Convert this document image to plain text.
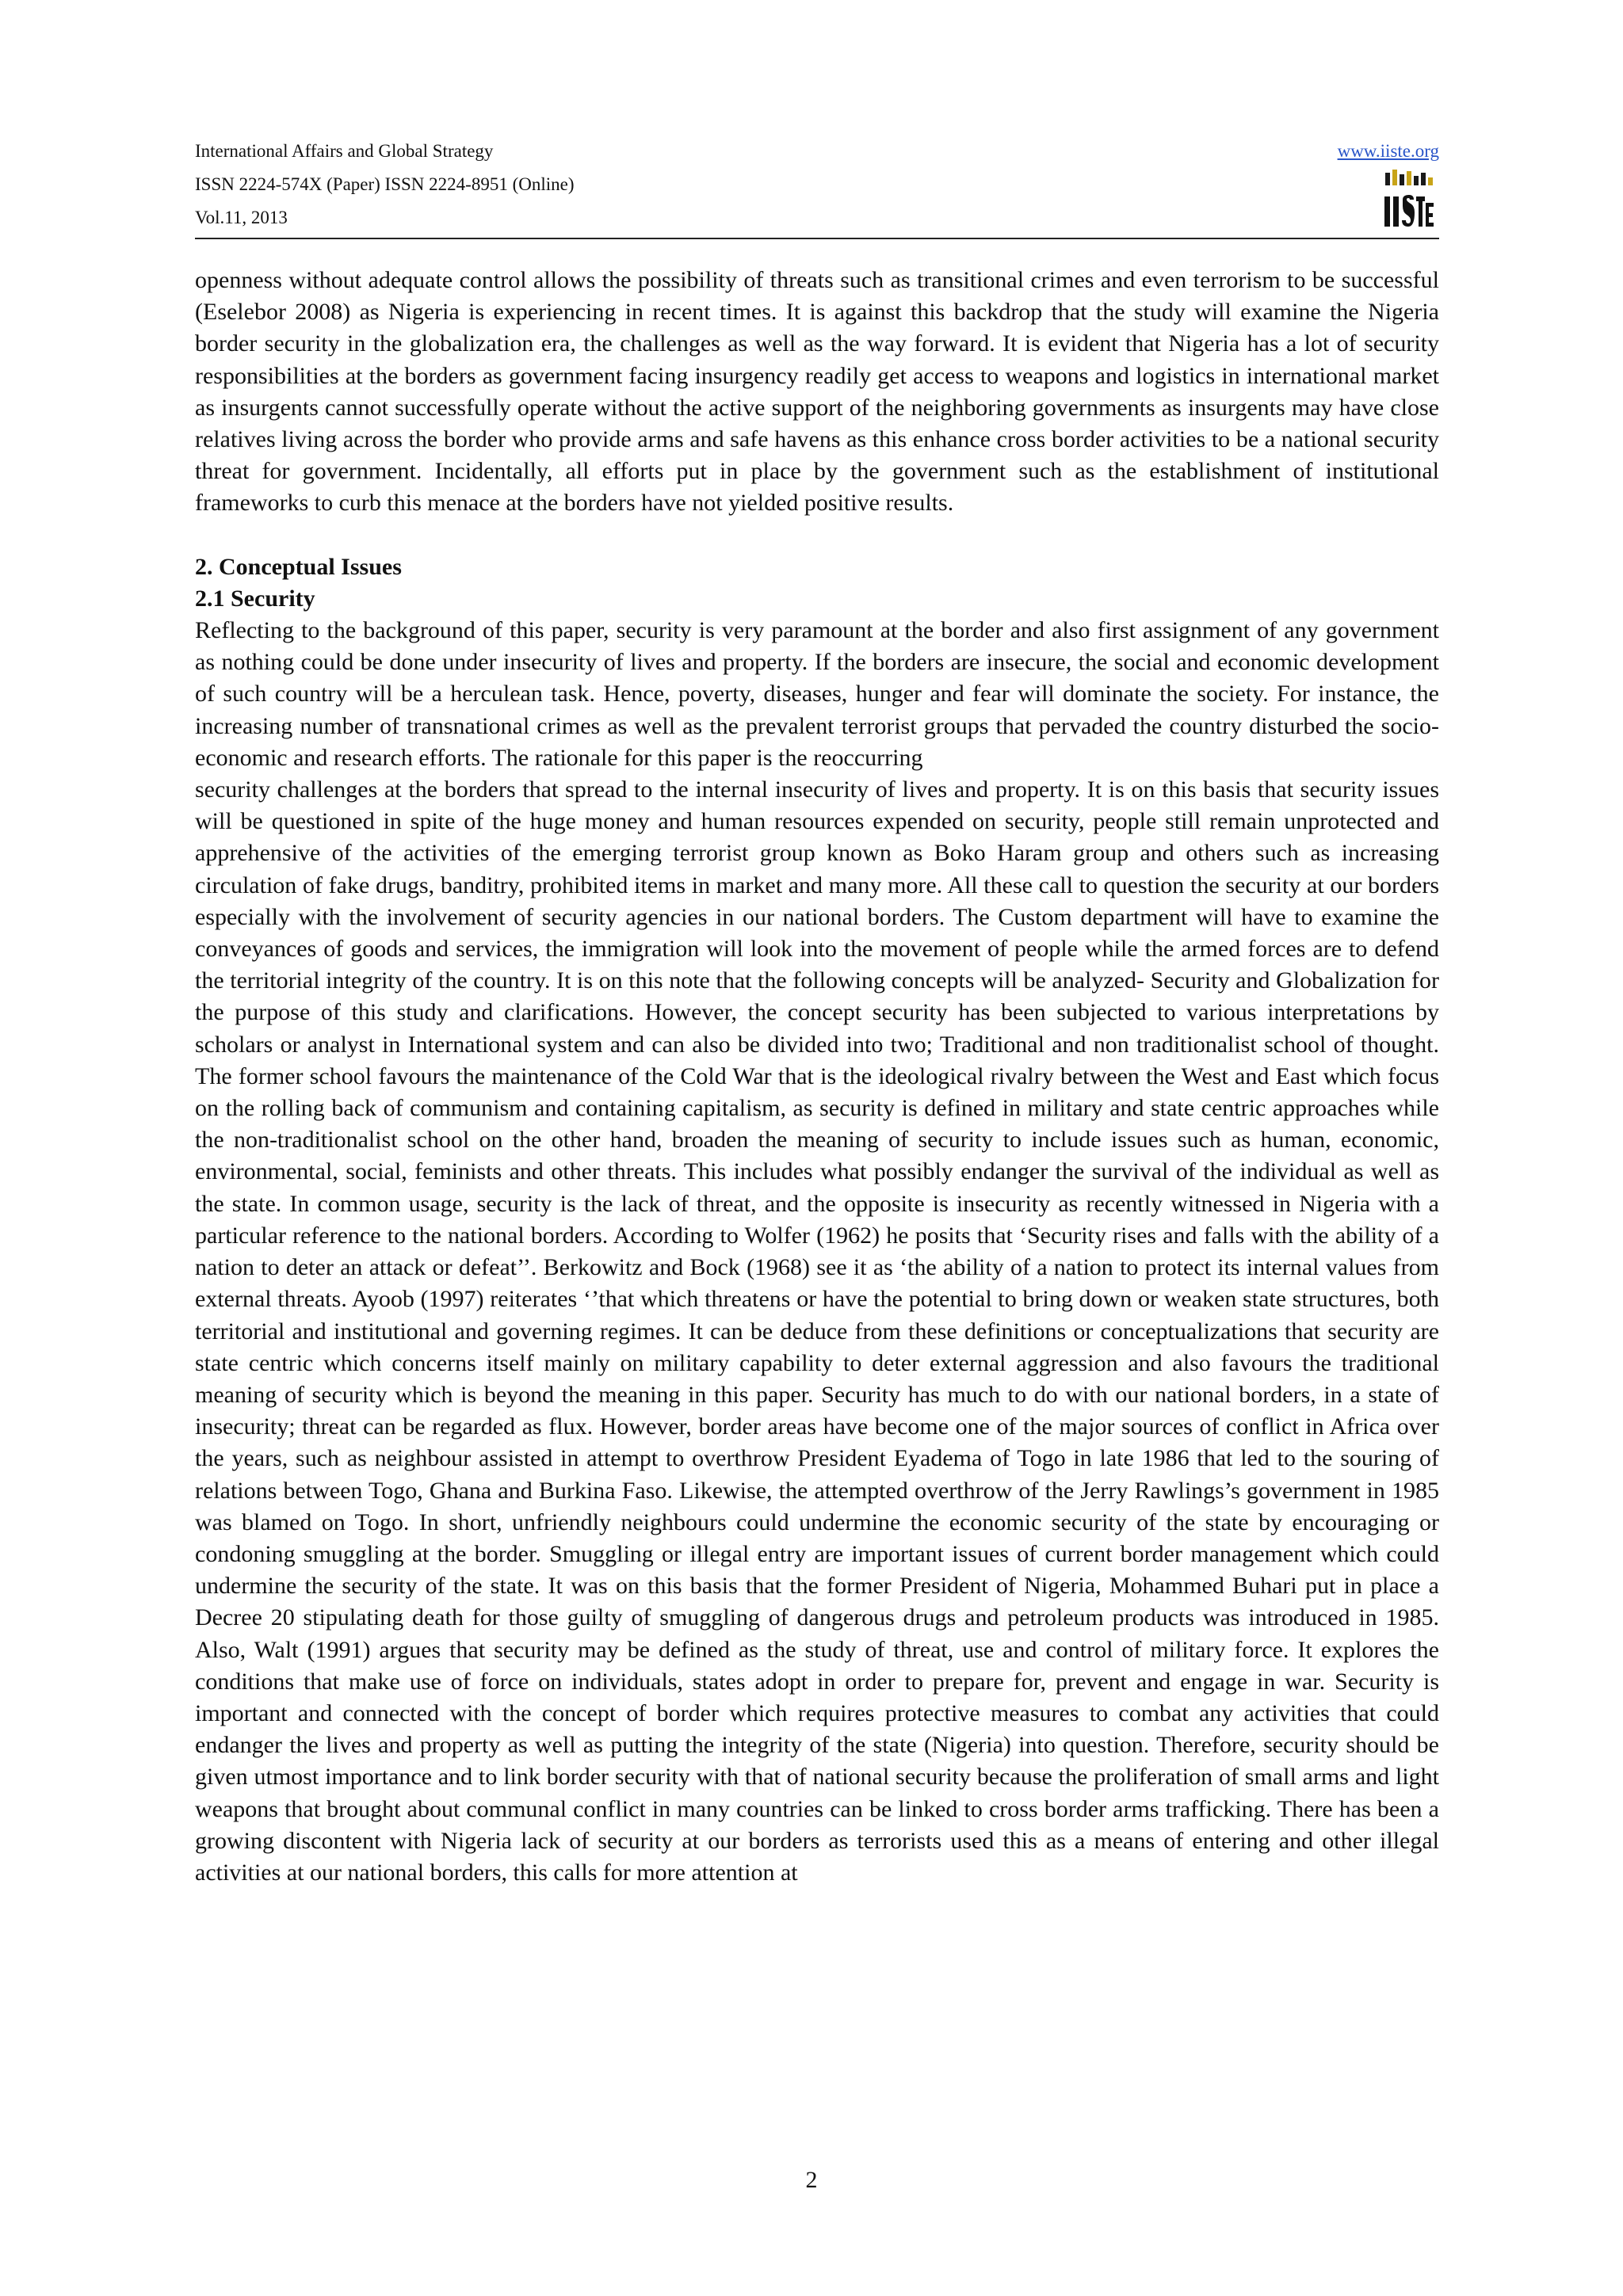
International Affairs and Global Strategy
ISSN 2224-574X (Paper) ISSN 2224-8951 (Online)
Vol.11, 2013
www.iiste.org

openness without adequate control allows the possibility of threats such as transitional crimes and even terrorism to be successful (Eselebor 2008) as Nigeria is experiencing in recent times. It is against this backdrop that the study will examine the Nigeria border security in the globalization era, the challenges as well as the way forward. It is evident that Nigeria has a lot of security responsibilities at the borders as government facing insurgency readily get access to weapons and logistics in international market as insurgents cannot successfully operate without the active support of the neighboring governments as insurgents may have close relatives living across the border who provide arms and safe havens as this enhance cross border activities to be a national security threat for government. Incidentally, all efforts put in place by the government such as the establishment of institutional frameworks to curb this menace at the borders have not yielded positive results.

2. Conceptual Issues

2.1 Security

Reflecting to the background of this paper, security is very paramount at the border and also first assignment of any government as nothing could be done under insecurity of lives and property. If the borders are insecure, the social and economic development of such country will be a herculean task. Hence, poverty, diseases, hunger and fear will dominate the society. For instance, the increasing number of transnational crimes as well as the prevalent terrorist groups that pervaded the country disturbed the socio-economic and research efforts. The rationale for this paper is the reoccurring

security challenges at the borders that spread to the internal insecurity of lives and property. It is on this basis that security issues will be questioned in spite of the huge money and human resources expended on security, people still remain unprotected and apprehensive of the activities of the emerging terrorist group known as Boko Haram group and others such as increasing circulation of fake drugs, banditry, prohibited items in market and many more. All these call to question the security at our borders especially with the involvement of security agencies in our national borders. The Custom department will have to examine the conveyances of goods and services, the immigration will look into the movement of people while the armed forces are to defend the territorial integrity of the country. It is on this note that the following concepts will be analyzed- Security and Globalization for the purpose of this study and clarifications. However, the concept security has been subjected to various interpretations by scholars or analyst in International system and can also be divided into two; Traditional and non traditionalist school of thought. The former school favours the maintenance of the Cold War that is the ideological rivalry between the West and East which focus on the rolling back of communism and containing capitalism, as security is defined in military and state centric approaches while the non-traditionalist school on the other hand, broaden the meaning of security to include issues such as human, economic, environmental, social, feminists and other threats. This includes what possibly endanger the survival of the individual as well as the state. In common usage, security is the lack of threat, and the opposite is insecurity as recently witnessed in Nigeria with a particular reference to the national borders. According to Wolfer (1962) he posits that ‘Security rises and falls with the ability of a nation to deter an attack or defeat’’. Berkowitz and Bock (1968) see it as ‘the ability of a nation to protect its internal values from external threats. Ayoob (1997) reiterates ‘’that which threatens or have the potential to bring down or weaken state structures, both territorial and institutional and governing regimes. It can be deduce from these definitions or conceptualizations that security are state centric which concerns itself mainly on military capability to deter external aggression and also favours the traditional meaning of security which is beyond the meaning in this paper. Security has much to do with our national borders, in a state of insecurity; threat can be regarded as flux. However, border areas have become one of the major sources of conflict in Africa over the years, such as neighbour assisted in attempt to overthrow President Eyadema of Togo in late 1986 that led to the souring of relations between Togo, Ghana and Burkina Faso. Likewise, the attempted overthrow of the Jerry Rawlings’s government in 1985 was blamed on Togo. In short, unfriendly neighbours could undermine the economic security of the state by encouraging or condoning smuggling at the border. Smuggling or illegal entry are important issues of current border management which could undermine the security of the state. It was on this basis that the former President of Nigeria, Mohammed Buhari put in place a Decree 20 stipulating death for those guilty of smuggling of dangerous drugs and petroleum products was introduced in 1985. Also, Walt (1991) argues that security may be defined as the study of threat, use and control of military force. It explores the conditions that make use of force on individuals, states adopt in order to prepare for, prevent and engage in war. Security is important and connected with the concept of border which requires protective measures to combat any activities that could endanger the lives and property as well as putting the integrity of the state (Nigeria) into question. Therefore, security should be given utmost importance and to link border security with that of national security because the proliferation of small arms and light weapons that brought about communal conflict in many countries can be linked to cross border arms trafficking. There has been a growing discontent with Nigeria lack of security at our borders as terrorists used this as a means of entering and other illegal activities at our national borders, this calls for more attention at

2
